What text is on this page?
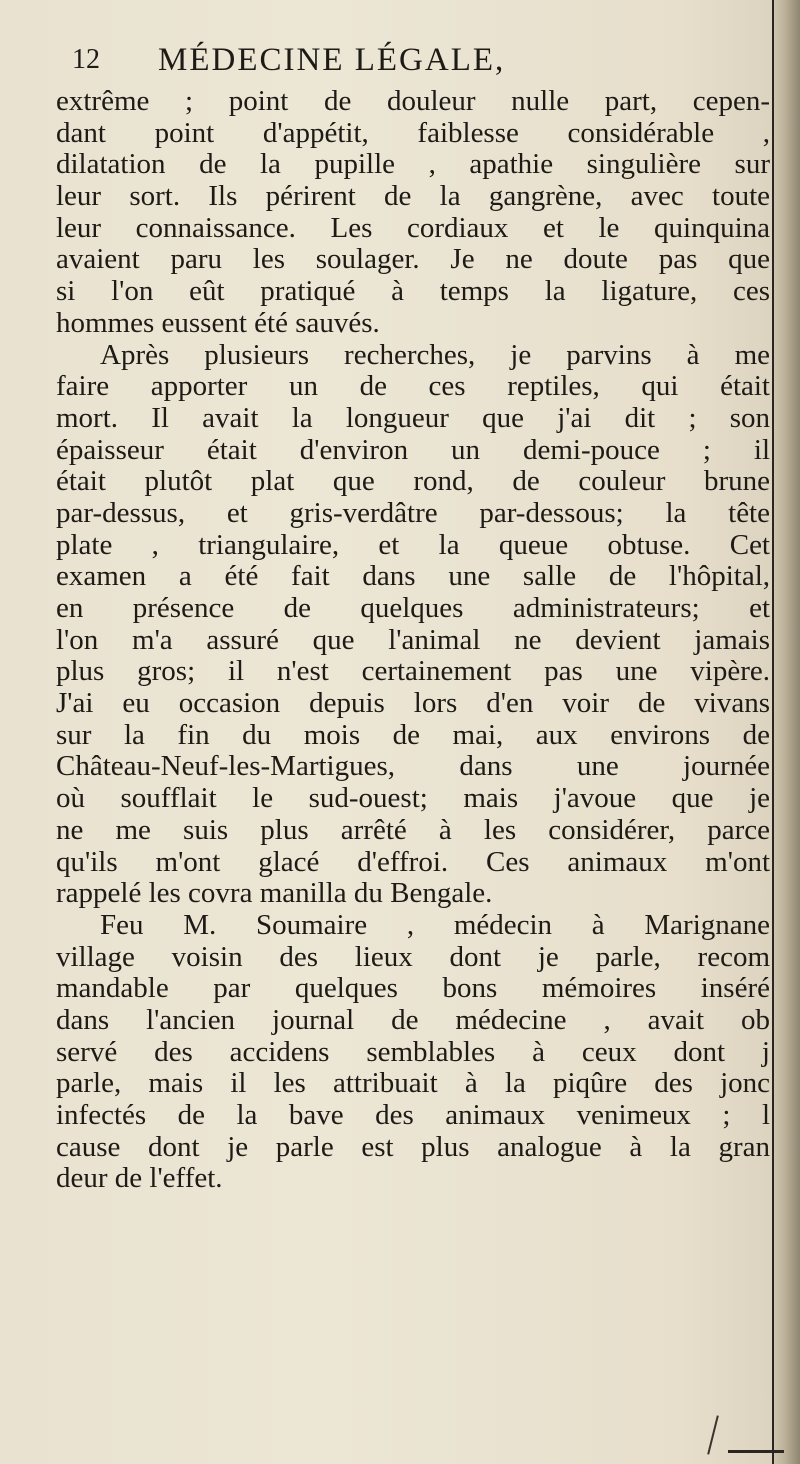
12 MÉDECINE LÉGALE,
extrême ; point de douleur nulle part, cepen-
dant point d'appétit, faiblesse considérable ,
dilatation de la pupille , apathie singulière sur
leur sort. Ils périrent de la gangrène, avec toute
leur connaissance. Les cordiaux et le quinquina
avaient paru les soulager. Je ne doute pas que
si l'on eût pratiqué à temps la ligature, ces
hommes eussent été sauvés.
Après plusieurs recherches, je parvins à me
faire apporter un de ces reptiles, qui était
mort. Il avait la longueur que j'ai dit ; son
épaisseur était d'environ un demi-pouce ; il
était plutôt plat que rond, de couleur brune
par-dessus, et gris-verdâtre par-dessous; la tête
plate , triangulaire, et la queue obtuse. Cet
examen a été fait dans une salle de l'hôpital,
en présence de quelques administrateurs; et
l'on m'a assuré que l'animal ne devient jamais
plus gros; il n'est certainement pas une vipère.
J'ai eu occasion depuis lors d'en voir de vivans
sur la fin du mois de mai, aux environs de
Château-Neuf-les-Martigues, dans une journée
où soufflait le sud-ouest; mais j'avoue que je
ne me suis plus arrêté à les considérer, parce
qu'ils m'ont glacé d'effroi. Ces animaux m'ont
rappelé les covra manilla du Bengale.
Feu M. Soumaire , médecin à Marignane
village voisin des lieux dont je parle, recom
mandable par quelques bons mémoires inséré
dans l'ancien journal de médecine , avait ob
servé des accidens semblables à ceux dont j
parle, mais il les attribuait à la piqûre des jonc
infectés de la bave des animaux venimeux ; l
cause dont je parle est plus analogue à la gran
deur de l'effet.
